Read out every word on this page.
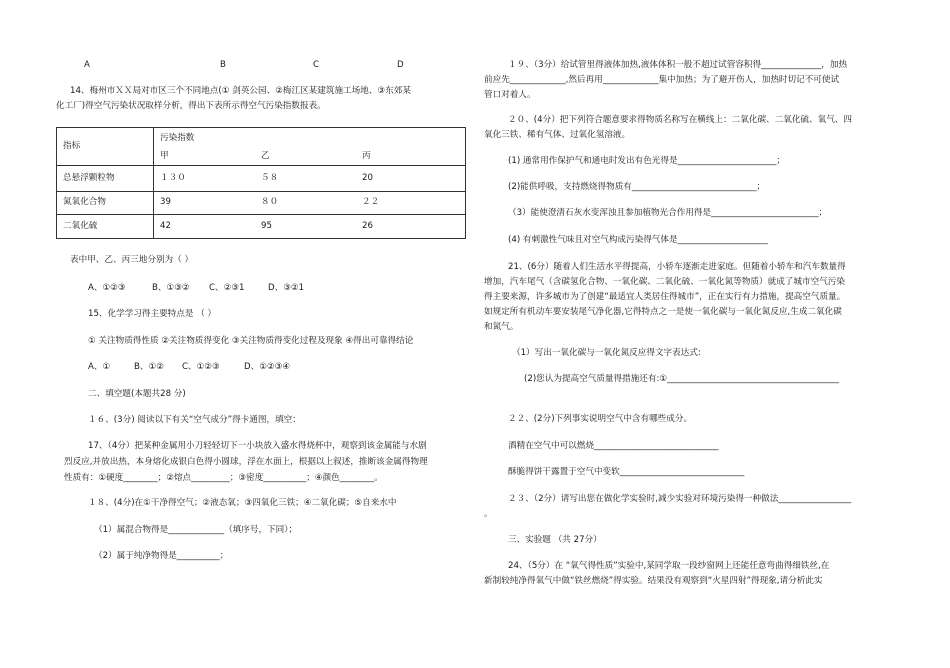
A	B	C	D
14、梅州市ＸＸ局对市区三个不同地点(① 剑英公园、②梅江区某建筑施工场地、③东郊某
化工厂)得空气污染状况取样分析，得出下表所示得空气污染指数报表。
指标	污染指数		
	甲	乙	丙
总悬浮颗粒物	１３０	５８	20
氮氧化合物	39	８０	２２
二氧化硫	42	95	26
表中甲、乙、丙三地分别为（ ）
A、①②③	B、①③② C、②③1	D、③②1
15、化学学习得主要特点是 （ ）
① 关注物质得性质 ②关注物质得变化 ③关注物质得变化过程及现象 ④得出可靠得结论
A、①	B、①② C、①②③	D、①②③④
二、填空题(本题共28 分)
１６、(3分) 阅读以下有关“空气成分”得卡通图，填空：
17、（4分）把某种金属用小刀轻轻切下一小块放入盛水得烧杯中，观察到该金属能与水剧
烈反应,并放出热，本身熔化成银白色得小圆球，浮在水面上，根据以上叙述，推断该金属得物理
性质有：①硬度________；②熔点_________；③密度__________；④颜色________。
１８、(4分)在①干净得空气；②液态氧；③四氧化三铁；④二氧化碳；⑤自来水中
（1）属混合物得是_____________（填序号，下同）；
（2）属于纯净物得是__________；
１９、（3分）给试管里得液体加热,液体体积一般不超过试管容积得______________，加热
前应先_____________,然后再用_____________集中加热；为了避开伤人，加热时切记不可使试
管口对着人。
２０、(4分）把下列符合题意要求得物质名称写在横线上：二氧化碳、二氧化硫、氧气、四
氧化三铁、稀有气体、过氧化氢溶液。
(1) 通常用作保护气和通电时发出有色光得是_______________________；
(2)能供呼吸，支持燃烧得物质有_____________________________；
（3）能使澄清石灰水变浑浊且参加植物光合作用得是_________________________；
(4) 有刺激性气味且对空气构成污染得气体是_____________________
21、(6分）随着人们生活水平得提高，小轿车逐渐走进家庭。但随着小轿车和汽车数量得
增加，汽车尾气（含碳氢化合物、一氧化碳、二氧化硫、一氧化氮等物质）就成了城市空气污染
得主要来源，许多城市为了创建“最适宜人类居住得城市”，正在实行有力措施，提高空气质量。
如规定所有机动车要安装尾气净化器,它得特点之一是使一氧化碳与一氧化氮反应,生成二氧化碳
和氮气。
（1）写出一氧化碳与一氧化氮反应得文字表达式:
(2)您认为提高空气质量得措施还有:①________________________________________
２２、(2分)下列事实说明空气中含有哪些成分。
酒精在空气中可以燃烧_____________________________
酥脆得饼干露置于空气中变软_____________________________
２３、（2分）请写出您在做化学实验时,减少实验对环境污染得一种做法_________________
。
三、实验题 （共 27分）
24、（5分）在 “氧气得性质”实验中,某同学取一段纱窗网上还能任意弯曲得细铁丝,在
新制较纯净得氧气中做“铁丝燃烧”得实验。结果没有观察到“火星四射”得现象,请分析此实
